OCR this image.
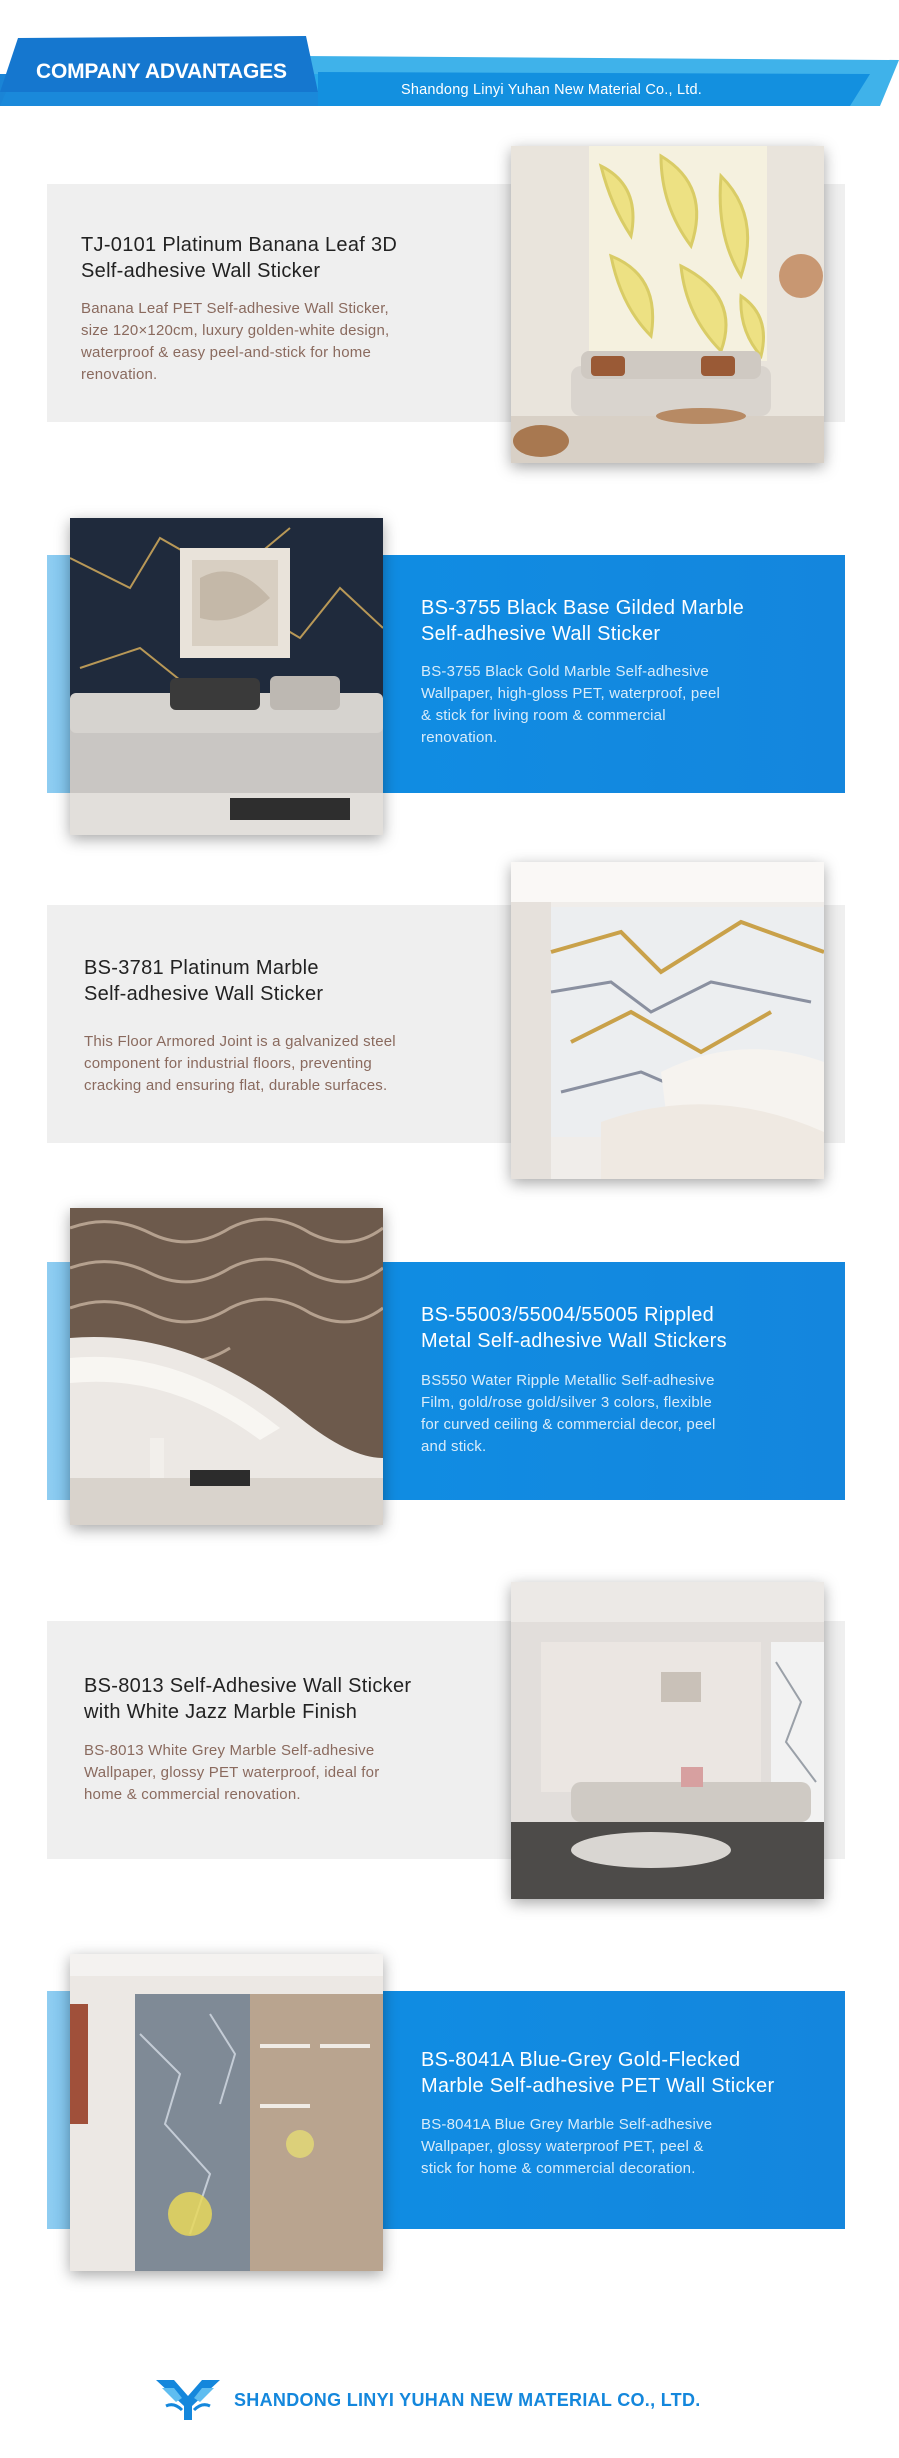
COMPANY ADVANTAGES
Shandong Linyi Yuhan New Material Co., Ltd.
TJ-0101 Platinum Banana Leaf 3D
Self-adhesive Wall Sticker
Banana Leaf PET Self-adhesive Wall Sticker,
size 120×120cm, luxury golden-white design,
waterproof & easy peel-and-stick for home
renovation.
BS-3755 Black Base Gilded Marble
Self-adhesive Wall Sticker
BS-3755 Black Gold Marble Self-adhesive
Wallpaper, high-gloss PET, waterproof, peel
& stick for living room & commercial
renovation.
BS-3781 Platinum Marble
Self-adhesive Wall Sticker
This Floor Armored Joint is a galvanized steel
component for industrial floors, preventing
cracking and ensuring flat, durable surfaces.
BS-55003/55004/55005 Rippled
Metal Self-adhesive Wall Stickers
BS550 Water Ripple Metallic Self-adhesive
Film, gold/rose gold/silver 3 colors, flexible
for curved ceiling & commercial decor, peel
and stick.
BS-8013 Self-Adhesive Wall Sticker
with White Jazz Marble Finish
BS-8013 White Grey Marble Self-adhesive
Wallpaper, glossy PET waterproof, ideal for
home & commercial renovation.
BS-8041A Blue-Grey Gold-Flecked
Marble Self-adhesive PET Wall Sticker
BS-8041A Blue Grey Marble Self-adhesive
Wallpaper, glossy waterproof PET, peel &
stick for home & commercial decoration.
SHANDONG LINYI YUHAN NEW MATERIAL CO., LTD.
